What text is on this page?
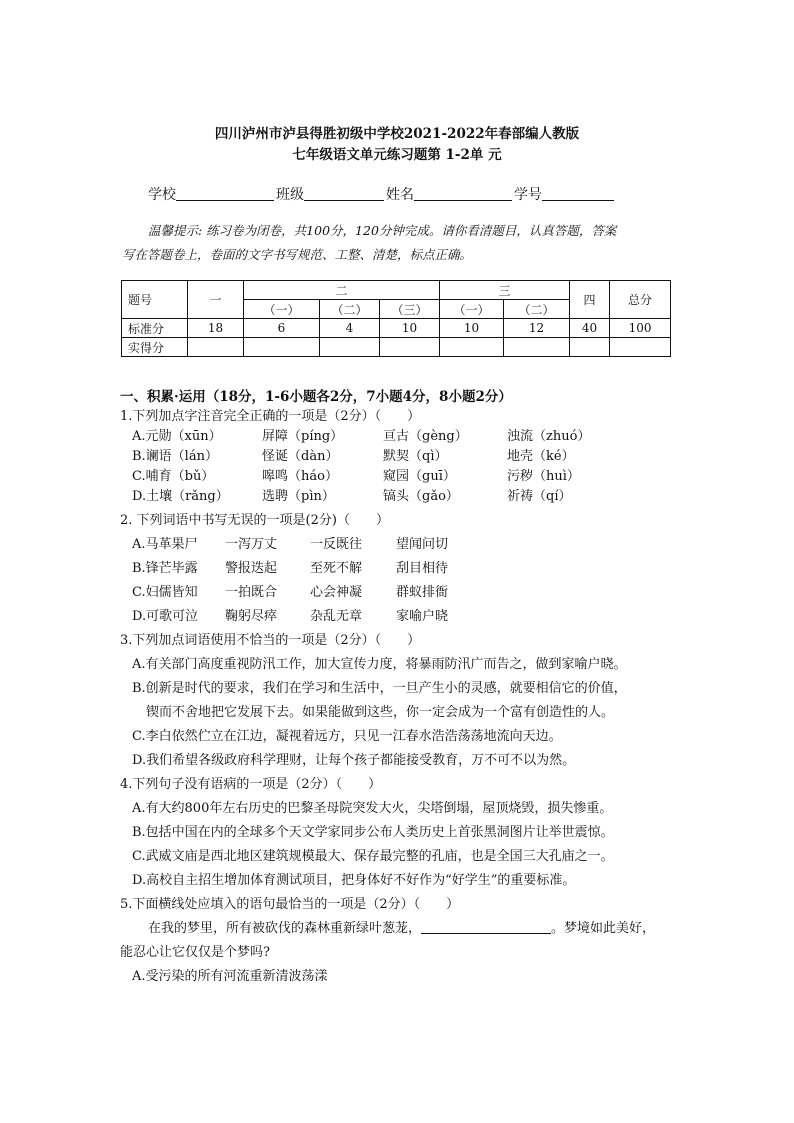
四川泸州市泸县得胜初级中学校2021-2022年春部编人教版
七年级语文单元练习题第 1-2单 元
学校	班级	姓名	学号
温馨提示: 练习卷为闭卷，共100分，120分钟完成。请你看清题目，认真答题，答案
写在答题卷上，卷面的文字书写规范、工整、清楚，标点正确。
题号	一	二			三		四	总分
		（一）	（二）	（三）	（一）	（二）		
标准分	18	6	4	10	10	12	40	100
实得分								
一、积累·运用（18分，1-6小题各2分，7小题4分，8小题2分）
1.下列加点字注音完全正确的一项是（2分）（　　）
A.元勋（xūn）	屏障（píng）	亘古（gèng）	浊流（zhuó）
B.谰语（lán）	怪诞（dàn）	默契（qì）	地壳（ké）
C.哺育（bǔ）	嗥鸣（háo）	窥园（guī）	污秽（huì）
D.土壤（rǎng）	选聘（pìn）	镐头（gǎo）	祈祷（qí）
2. 下列词语中书写无误的一项是(2分)（　　）
A.马革果尸 一泻万丈	一反既往	望闻问切
B.锋芒毕露 警报迭起	至死不解	刮目相待
C.妇儒皆知 一拍既合	心会神凝	群蚁排衙
D.可歌可泣 鞠躬尽瘁	杂乱无章	家喻户晓
3.下列加点词语使用不恰当的一项是（2分）（　　）
A.有关部门高度重视防汛工作，加大宣传力度，将暴雨防汛广而告之，做到家喻户晓。
B.创新是时代的要求，我们在学习和生活中，一旦产生小的灵感，就要相信它的价值，
锲而不舍地把它发展下去。如果能做到这些，你一定会成为一个富有创造性的人。
C.李白依然伫立在江边，凝视着远方，只见一江春水浩浩荡荡地流向天边。
D.我们希望各级政府科学理财，让每个孩子都能接受教育，万不可不以为然。
4.下列句子没有语病的一项是（2分）（　　）
A.有大约800年左右历史的巴黎圣母院突发大火，尖塔倒塌，屋顶烧毁，损失惨重。
B.包括中国在内的全球多个天文学家同步公布人类历史上首张黑洞图片让举世震惊。
C.武威文庙是西北地区建筑规模最大、保存最完整的孔庙，也是全国三大孔庙之一。
D.高校自主招生增加体育测试项目，把身体好不好作为“好学生”的重要标准。
5.下面横线处应填入的语句最恰当的一项是（2分）（　　）
在我的梦里，所有被砍伐的森林重新绿叶葱茏，	。梦境如此美好，
能忍心让它仅仅是个梦吗?
A.受污染的所有河流重新清波荡漾
